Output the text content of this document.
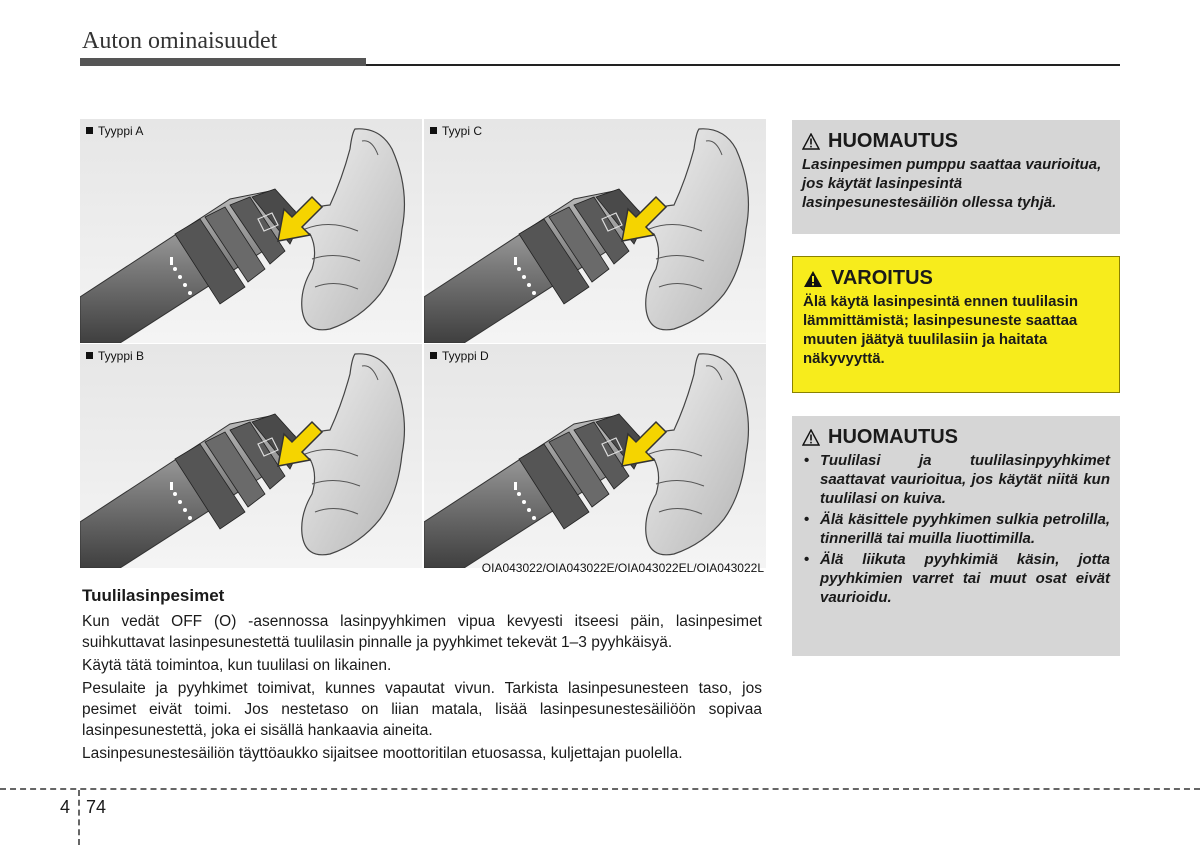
Auton ominaisuudet
Tyyppi A	Tyypi C
Tyyppi B	Tyyppi D
OIA043022/OIA043022E/OIA043022EL/OIA043022L
Tuulilasinpesimet

Kun vedät OFF (O) -asennossa lasinpyyhkimen vipua kevyesti itseesi päin, lasinpesimet suihkuttavat lasinpesunestettä tuulilasin pinnalle ja pyyhkimet tekevät 1–3 pyyhkäisyä.

Käytä tätä toimintoa, kun tuulilasi on likainen.

Pesulaite ja pyyhkimet toimivat, kunnes vapautat vivun. Tarkista lasinpesunesteen taso, jos pesimet eivät toimi. Jos nestetaso on liian matala, lisää lasinpesunestesäiliöön sopivaa lasinpesunestettä, joka ei sisällä hankaavia aineita.

Lasinpesunestesäiliön täyttöaukko sijaitsee moottoritilan etuosassa, kuljettajan puolella.

HUOMAUTUS
Lasinpesimen pumppu saattaa vaurioitua, jos käytät lasinpesintä lasinpesunestesäiliön ollessa tyhjä.
VAROITUS
Älä käytä lasinpesintä ennen tuulilasin lämmittämistä; lasinpesuneste saattaa muuten jäätyä tuulilasiin ja haitata näkyvyyttä.
HUOMAUTUS
• Tuulilasi ja tuulilasinpyyhkimet saattavat vaurioitua, jos käytät niitä kun tuulilasi on kuiva.
• Älä käsittele pyyhkimen sulkia petrolilla, tinnerillä tai muilla liuottimilla.
• Älä liikuta pyyhkimiä käsin, jotta pyyhkimien varret tai muut osat eivät vaurioidu.
4 74
